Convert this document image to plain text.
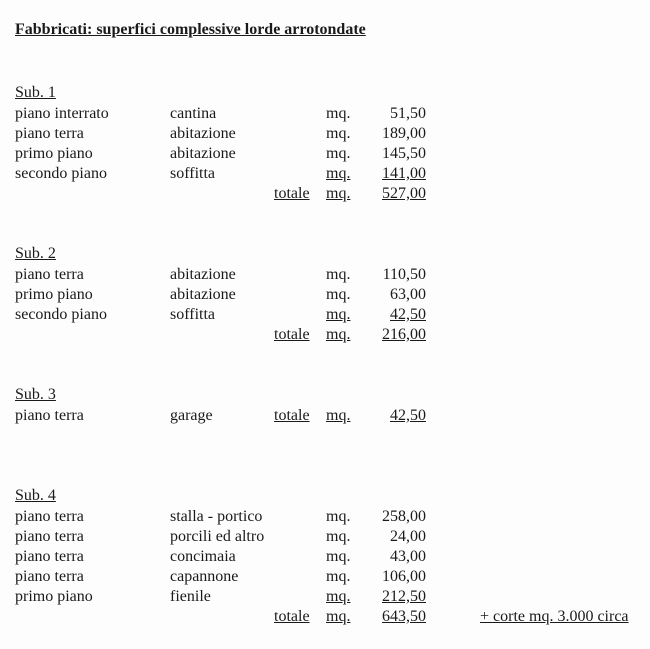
Fabbricati: superfici complessive lorde arrotondate
Sub. 1
piano interrato	cantina	mq. 51,50
piano terra	abitazione	mq. 189,00
primo piano	abitazione	mq. 145,50
secondo piano	soffitta	mq. 141,00
totale mq. 527,00
Sub. 2
piano terra	abitazione	mq. 110,50
primo piano	abitazione	mq. 63,00
secondo piano	soffitta	mq. 42,50
totale mq. 216,00
Sub. 3
piano terra	garage	totale mq. 42,50
Sub. 4
piano terra	stalla - portico	mq. 258,00
piano terra	porcili ed altro	mq. 24,00
piano terra	concimaia	mq. 43,00
piano terra	capannone	mq. 106,00
primo piano	fienile	mq. 212,50
totale mq. 643,50	+ corte mq. 3.000 circa
